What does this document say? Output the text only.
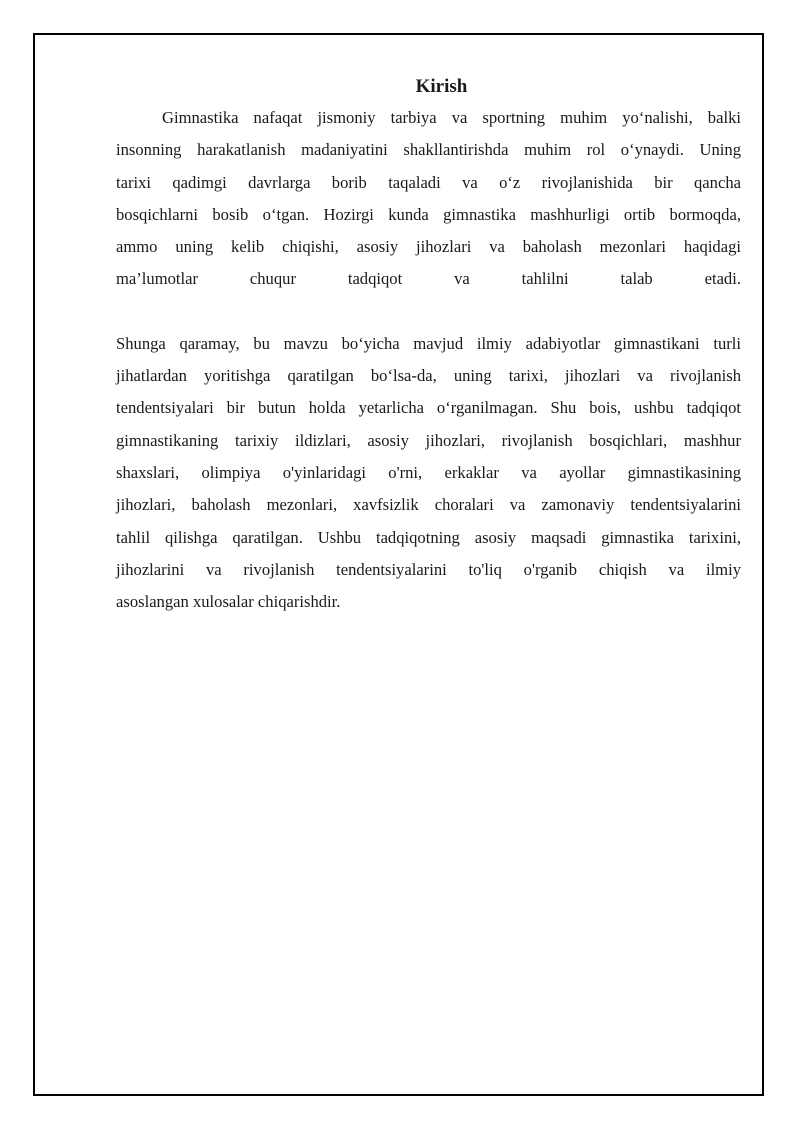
Kirish
Gimnastika nafaqat jismoniy tarbiya va sportning muhim yo‘nalishi, balki
insonning harakatlanish madaniyatini shakllantirishda muhim rol o‘ynaydi. Uning
tarixi qadimgi davrlarga borib taqaladi va o‘z rivojlanishida bir qancha
bosqichlarni bosib o‘tgan. Hozirgi kunda gimnastika mashhurligi ortib bormoqda,
ammo uning kelib chiqishi, asosiy jihozlari va baholash mezonlari haqidagi
ma’lumotlar chuqur tadqiqot va tahlilni talab etadi.
Shunga qaramay, bu mavzu bo‘yicha mavjud ilmiy adabiyotlar gimnastikani turli
jihatlardan yoritishga qaratilgan bo‘lsa-da, uning tarixi, jihozlari va rivojlanish
tendentsiyalari bir butun holda yetarlicha o‘rganilmagan. Shu bois, ushbu tadqiqot
gimnastikaning tarixiy ildizlari, asosiy jihozlari, rivojlanish bosqichlari, mashhur
shaxslari, olimpiya o'yinlaridagi o'rni, erkaklar va ayollar gimnastikasining
jihozlari, baholash mezonlari, xavfsizlik choralari va zamonaviy tendentsiyalarini
tahlil qilishga qaratilgan. Ushbu tadqiqotning asosiy maqsadi gimnastika tarixini,
jihozlarini va rivojlanish tendentsiyalarini to'liq o'rganib chiqish va ilmiy
asoslangan xulosalar chiqarishdir.
